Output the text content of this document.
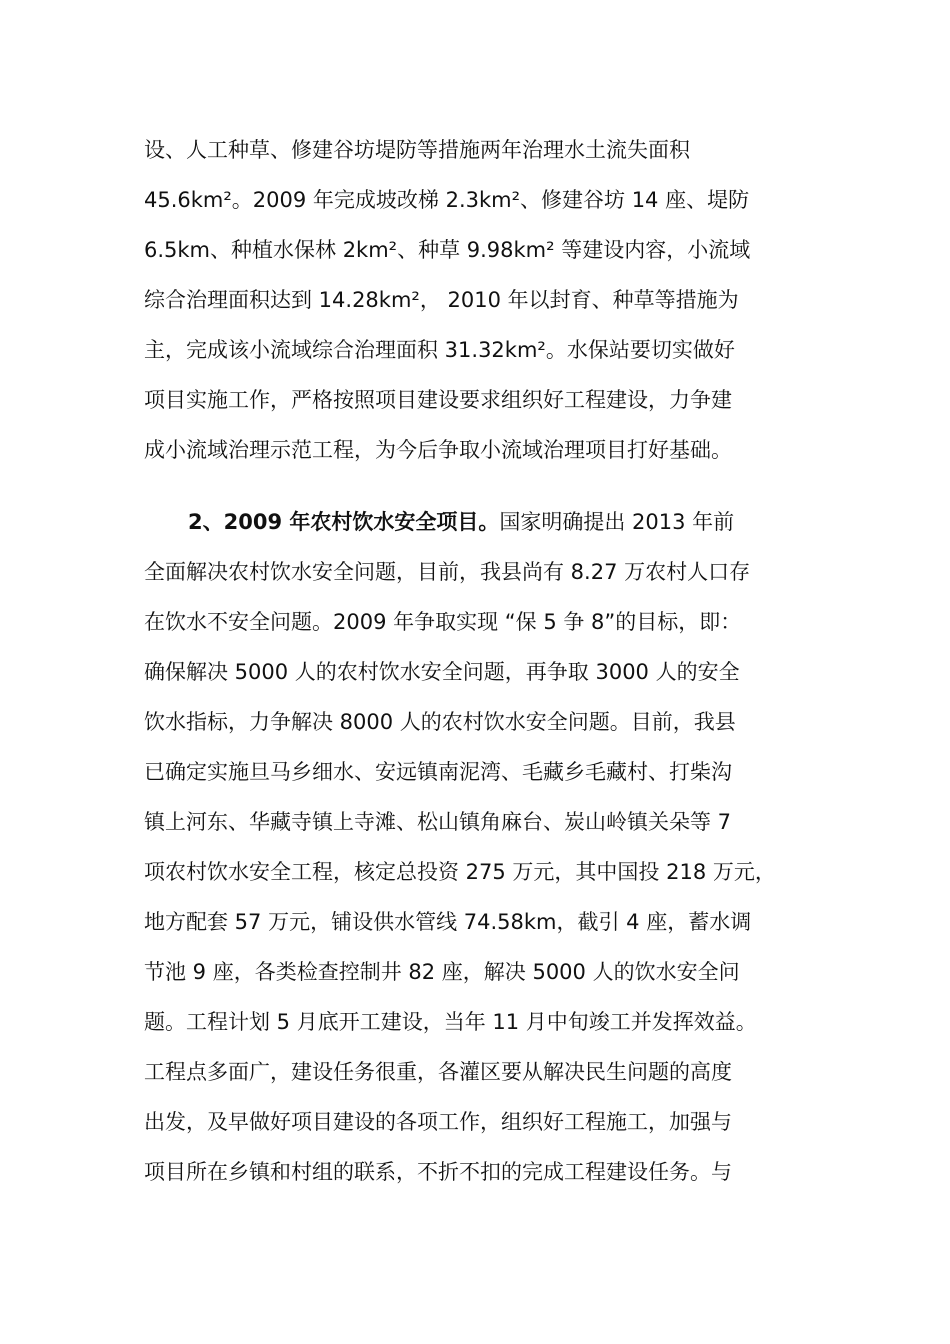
设、人工种草、修建谷坊堤防等措施两年治理水土流失面积
45.6km²。2009 年完成坡改梯 2.3km²、修建谷坊 14 座、堤防
6.5km、种植水保林 2km²、种草 9.98km² 等建设内容，小流域
综合治理面积达到 14.28km²， 2010 年以封育、种草等措施为
主，完成该小流域综合治理面积 31.32km²。水保站要切实做好
项目实施工作，严格按照项目建设要求组织好工程建设，力争建
成小流域治理示范工程，为今后争取小流域治理项目打好基础。
2、2009 年农村饮水安全项目。国家明确提出 2013 年前
全面解决农村饮水安全问题，目前，我县尚有 8.27 万农村人口存
在饮水不安全问题。2009 年争取实现 “保 5 争 8”的目标，即：
确保解决 5000 人的农村饮水安全问题，再争取 3000 人的安全
饮水指标，力争解决 8000 人的农村饮水安全问题。目前，我县
已确定实施旦马乡细水、安远镇南泥湾、毛藏乡毛藏村、打柴沟
镇上河东、华藏寺镇上寺滩、松山镇角麻台、炭山岭镇关朵等 7
项农村饮水安全工程，核定总投资 275 万元，其中国投 218 万元，
地方配套 57 万元，铺设供水管线 74.58km，截引 4 座，蓄水调
节池 9 座，各类检查控制井 82 座，解决 5000 人的饮水安全问
题。工程计划 5 月底开工建设，当年 11 月中旬竣工并发挥效益。
工程点多面广，建设任务很重，各灌区要从解决民生问题的高度
出发，及早做好项目建设的各项工作，组织好工程施工，加强与
项目所在乡镇和村组的联系，不折不扣的完成工程建设任务。与
